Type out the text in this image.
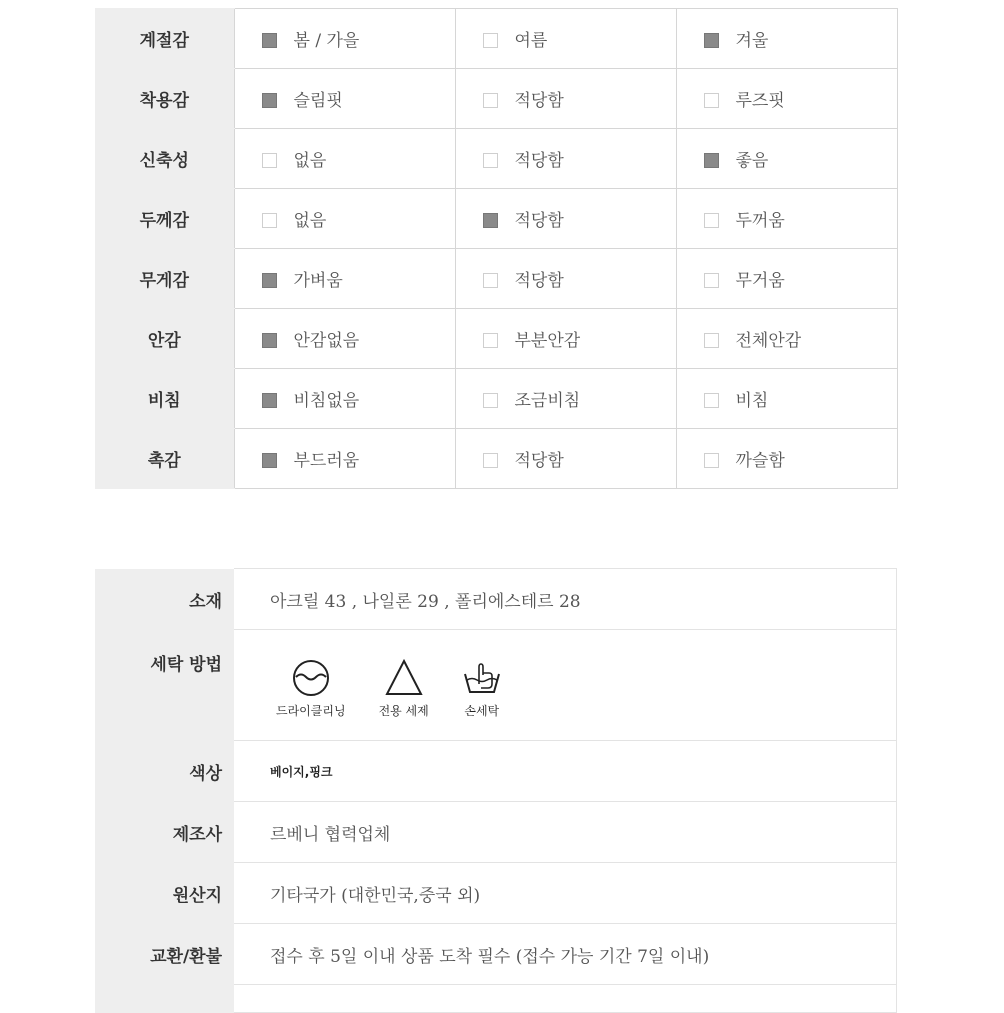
계절감	봄 / 가을	여름	겨울

착용감	슬림핏	적당함	루즈핏

신축성	없음	적당함	좋음

두께감	없음	적당함	두꺼움

무게감	가벼움	적당함	무거움

안감	안감없음	부분안감	전체안감

비침	비침없음	조금비침	비침

촉감	부드러움	적당함	까슬함
소재	아크릴 43 , 나일론 29 , 폴리에스테르 28
세탁 방법	드라이클리닝 전용 세제 손세탁

색상	베이지,핑크
제조사	르베니 협력업체
원산지	기타국가 (대한민국,중국 외)
교환/환불	접수 후 5일 이내 상품 도착 필수 (접수 가능 기간 7일 이내)
